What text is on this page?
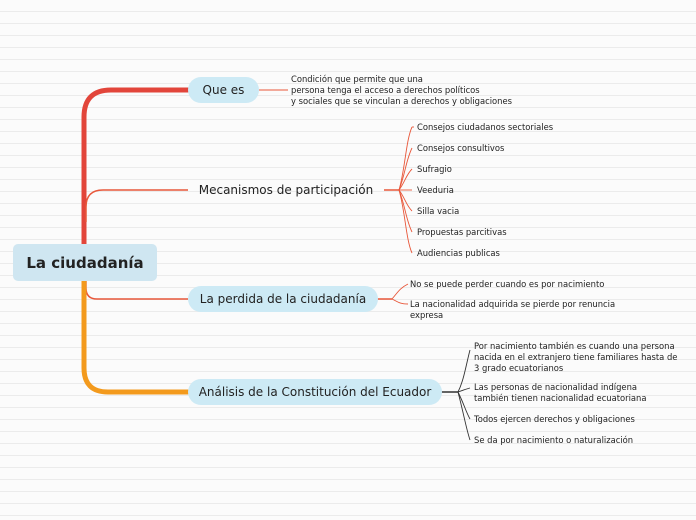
La ciudadanía
Que es
Mecanismos de participación
La perdida de la ciudadanía
Análisis de la Constitución del Ecuador
Condición que permite que una
persona tenga el acceso a derechos políticos
y sociales que se vinculan a derechos y obligaciones
Consejos ciudadanos sectoriales
Consejos consultivos
Sufragio
Veeduria
Silla vacia
Propuestas parcitivas
Audiencias publicas
No se puede perder cuando es por nacimiento
La nacionalidad adquirida se pierde por renuncia
expresa
Por nacimiento también es cuando una persona
nacida en el extranjero tiene familiares hasta de
3 grado ecuatorianos
Las personas de nacionalidad indígena
también tienen nacionalidad ecuatoriana
Todos ejercen derechos y obligaciones
Se da por nacimiento o naturalización
